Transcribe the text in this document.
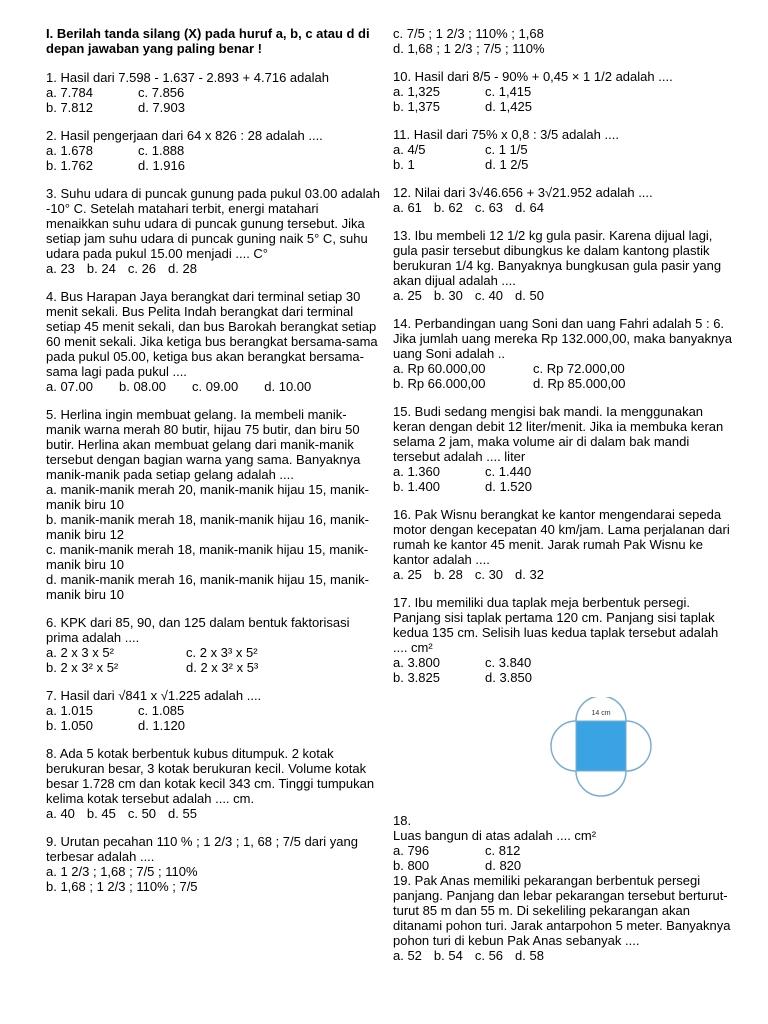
I. Berilah tanda silang (X) pada huruf a, b, c atau d di depan jawaban yang paling benar !
1. Hasil dari 7.598 - 1.637 - 2.893 + 4.716 adalah
a. 7.784	c. 7.856
b. 7.812	d. 7.903
2. Hasil pengerjaan dari 64 x 826 : 28 adalah ....
a. 1.678	c. 1.888
b. 1.762	d. 1.916
3. Suhu udara di puncak gunung pada pukul 03.00 adalah -10° C. Setelah matahari terbit, energi matahari menaikkan suhu udara di puncak gunung tersebut. Jika setiap jam suhu udara di puncak guning naik 5° C, suhu udara pada pukul 15.00 menjadi .... C°
a. 23 b. 24 c. 26 d. 28
4. Bus Harapan Jaya berangkat dari terminal setiap 30 menit sekali. Bus Pelita Indah berangkat dari terminal setiap 45 menit sekali, dan bus Barokah berangkat setiap 60 menit sekali. Jika ketiga bus berangkat bersama-sama pada pukul 05.00, ketiga bus akan berangkat bersama-sama lagi pada pukul ....
a. 07.00 b. 08.00 c. 09.00 d. 10.00
5. Herlina ingin membuat gelang. Ia membeli manik-manik warna merah 80 butir, hijau 75 butir, dan biru 50 butir. Herlina akan membuat gelang dari manik-manik tersebut dengan bagian warna yang sama. Banyaknya manik-manik pada setiap gelang adalah ....
a. manik-manik merah 20, manik-manik hijau 15, manik-manik biru 10
b. manik-manik merah 18, manik-manik hijau 16, manik-manik biru 12
c. manik-manik merah 18, manik-manik hijau 15, manik-manik biru 10
d. manik-manik merah 16, manik-manik hijau 15, manik-manik biru 10
6. KPK dari 85, 90, dan 125 dalam bentuk faktorisasi prima adalah ....
a. 2 x 3 x 5²	c. 2 x 3³ x 5²
b. 2 x 3² x 5²	d. 2 x 3² x 5³
7. Hasil dari √841 x √1.225 adalah ....
a. 1.015	c. 1.085
b. 1.050	d. 1.120
8. Ada 5 kotak berbentuk kubus ditumpuk. 2 kotak berukuran besar, 3 kotak berukuran kecil. Volume kotak besar 1.728 cm dan kotak kecil 343 cm. Tinggi tumpukan kelima kotak tersebut adalah .... cm.
a. 40 b. 45 c. 50 d. 55
9. Urutan pecahan 110 % ; 1 2/3 ; 1, 68 ; 7/5 dari yang terbesar adalah ....
a. 1 2/3 ; 1,68 ; 7/5 ; 110%
b. 1,68 ; 1 2/3 ; 110% ; 7/5
c. 7/5 ; 1 2/3 ; 110% ; 1,68
d. 1,68 ; 1 2/3 ; 7/5 ; 110%
10. Hasil dari 8/5 - 90% + 0,45 × 1 1/2 adalah ....
a. 1,325	c. 1,415
b. 1,375	d. 1,425
11. Hasil dari 75% x 0,8 : 3/5 adalah ....
a. 4/5	c. 1 1/5
b. 1	d. 1 2/5
12. Nilai dari 3√46.656 + 3√21.952 adalah ....
a. 61 b. 62 c. 63 d. 64
13. Ibu membeli 12 1/2 kg gula pasir. Karena dijual lagi, gula pasir tersebut dibungkus ke dalam kantong plastik berukuran 1/4 kg. Banyaknya bungkusan gula pasir yang akan dijual adalah ....
a. 25 b. 30 c. 40 d. 50
14. Perbandingan uang Soni dan uang Fahri adalah 5 : 6. Jika jumlah uang mereka Rp 132.000,00, maka banyaknya uang Soni adalah ..
a. Rp 60.000,00	c. Rp 72.000,00
b. Rp 66.000,00	d. Rp 85.000,00
15. Budi sedang mengisi bak mandi. Ia menggunakan keran dengan debit 12 liter/menit. Jika ia membuka keran selama 2 jam, maka volume air di dalam bak mandi tersebut adalah .... liter
a. 1.360	c. 1.440
b. 1.400	d. 1.520
16. Pak Wisnu berangkat ke kantor mengendarai sepeda motor dengan kecepatan 40 km/jam. Lama perjalanan dari rumah ke kantor 45 menit. Jarak rumah Pak Wisnu ke kantor adalah ....
a. 25 b. 28 c. 30 d. 32
17. Ibu memiliki dua taplak meja berbentuk persegi. Panjang sisi taplak pertama 120 cm. Panjang sisi taplak kedua 135 cm. Selisih luas kedua taplak tersebut adalah .... cm²
a. 3.800	c. 3.840
b. 3.825	d. 3.850
14 cm
18.
Luas bangun di atas adalah .... cm²
a. 796	c. 812
b. 800	d. 820
19. Pak Anas memiliki pekarangan berbentuk persegi panjang. Panjang dan lebar pekarangan tersebut berturut-turut 85 m dan 55 m. Di sekeliling pekarangan akan ditanami pohon turi. Jarak antarpohon 5 meter. Banyaknya pohon turi di kebun Pak Anas sebanyak ....
a. 52 b. 54 c. 56 d. 58
